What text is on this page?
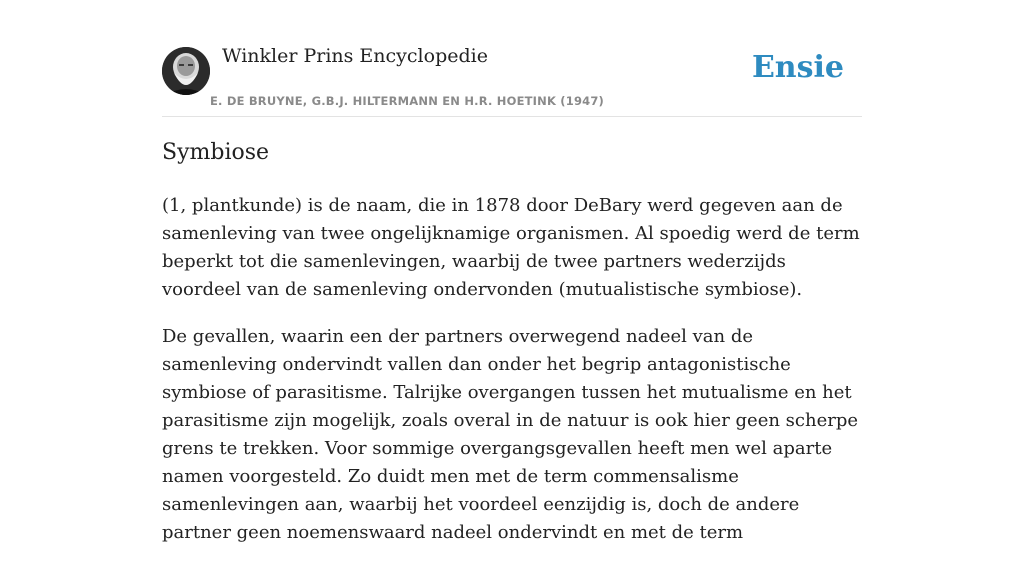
Winkler Prins Encyclopedie
E. DE BRUYNE, G.B.J. HILTERMANN EN H.R. HOETINK (1947)
Ensie
Symbiose

(1, plantkunde) is de naam, die in 1878 door DeBary werd gegeven aan de samenleving van twee ongelijknamige organismen. Al spoedig werd de term beperkt tot die samenlevingen, waarbij de twee partners wederzijds voordeel van de samenleving ondervonden (mutualistische symbiose).

De gevallen, waarin een der partners overwegend nadeel van de samenleving ondervindt vallen dan onder het begrip antagonistische symbiose of parasitisme. Talrijke overgangen tussen het mutualisme en het parasitisme zijn mogelijk, zoals overal in de natuur is ook hier geen scherpe grens te trekken. Voor sommige overgangsgevallen heeft men wel aparte namen voorgesteld. Zo duidt men met de term commensalisme samenlevingen aan, waarbij het voordeel eenzijdig is, doch de andere partner geen noemenswaard nadeel ondervindt en met de term
